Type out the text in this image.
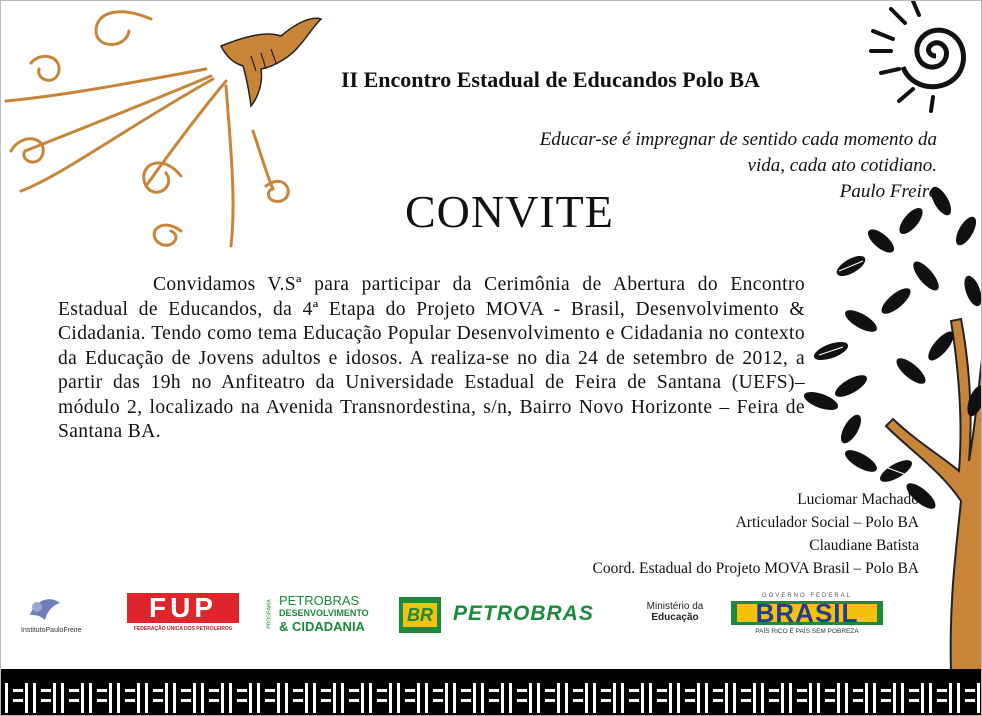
II Encontro Estadual de Educandos Polo BA
Educar-se é impregnar de sentido cada momento da
vida, cada ato cotidiano.
Paulo Freire
CONVITE

Convidamos V.Sª para participar da Cerimônia de Abertura do Encontro Estadual de Educandos, da 4ª Etapa do Projeto MOVA - Brasil, Desenvolvimento & Cidadania. Tendo como tema Educação Popular Desenvolvimento e Cidadania no contexto da Educação de Jovens adultos e idosos. A realiza-se no dia 24 de setembro de 2012, a partir das 19h no Anfiteatro da Universidade Estadual de Feira de Santana (UEFS)– módulo 2, localizado na Avenida Transnordestina, s/n, Bairro Novo Horizonte – Feira de Santana BA.

Luciomar Machado
Articulador Social – Polo BA
Claudiane Batista
Coord. Estadual do Projeto MOVA Brasil – Polo BA
InstitutoPauloFreire
FUP
FEDERAÇÃO ÚNICA DOS PETROLEIROS
PROGRAMA PETROBRAS
DESENVOLVIMENTO
& CIDADANIA
BR PETROBRAS	Ministério da
Educação
GOVERNO FEDERAL
BRASIL
PAÍS RICO É PAÍS SEM POBREZA
